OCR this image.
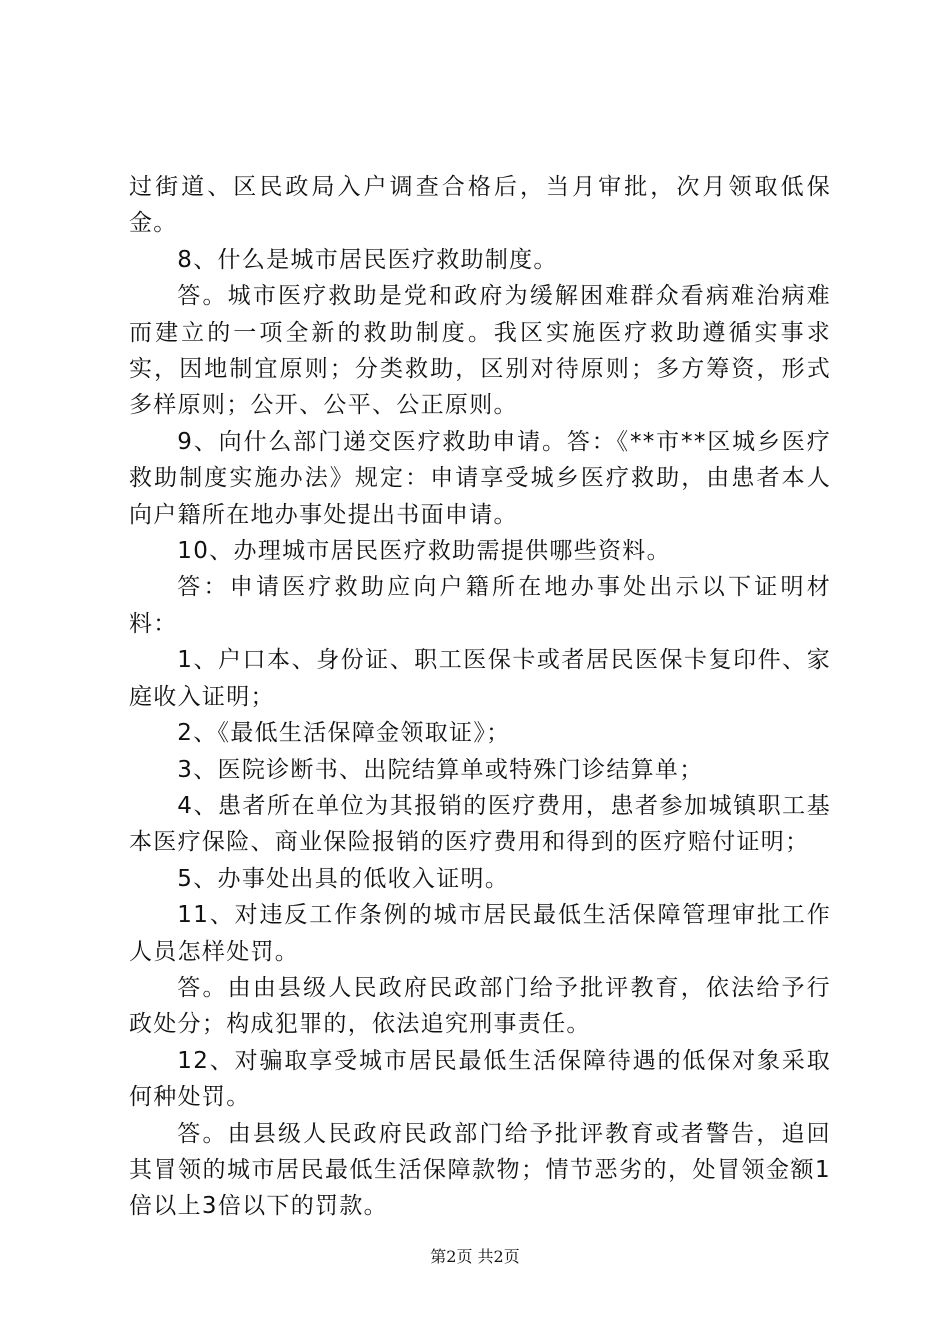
过街道、区民政局入户调查合格后，当月审批，次月领取低保金。

8、什么是城市居民医疗救助制度。

答。城市医疗救助是党和政府为缓解困难群众看病难治病难而建立的一项全新的救助制度。我区实施医疗救助遵循实事求实，因地制宜原则；分类救助，区别对待原则；多方筹资，形式多样原则；公开、公平、公正原则。

9、向什么部门递交医疗救助申请。答：《**市**区城乡医疗救助制度实施办法》规定：申请享受城乡医疗救助，由患者本人向户籍所在地办事处提出书面申请。

10、办理城市居民医疗救助需提供哪些资料。

答：申请医疗救助应向户籍所在地办事处出示以下证明材料：

1、户口本、身份证、职工医保卡或者居民医保卡复印件、家庭收入证明；

2、《最低生活保障金领取证》；

3、医院诊断书、出院结算单或特殊门诊结算单；

4、患者所在单位为其报销的医疗费用，患者参加城镇职工基本医疗保险、商业保险报销的医疗费用和得到的医疗赔付证明；

5、办事处出具的低收入证明。

11、对违反工作条例的城市居民最低生活保障管理审批工作人员怎样处罚。

答。由由县级人民政府民政部门给予批评教育，依法给予行政处分；构成犯罪的，依法追究刑事责任。

12、对骗取享受城市居民最低生活保障待遇的低保对象采取何种处罚。

答。由县级人民政府民政部门给予批评教育或者警告，追回其冒领的城市居民最低生活保障款物；情节恶劣的，处冒领金额1倍以上3倍以下的罚款。

第2页 共2页
